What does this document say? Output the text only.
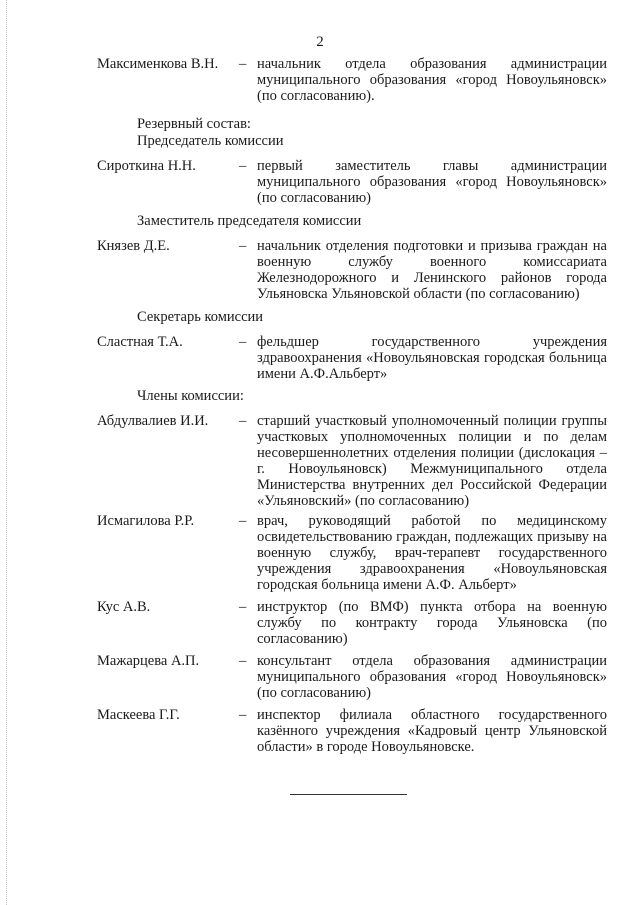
2
Максименкова В.Н. – начальник отдела образования администрации муниципального образования «город Новоульяновск» (по согласованию).
Резервный состав:
Председатель комиссии
Сироткина Н.Н.	– первый заместитель главы администрации муниципального образования «город Новоульяновск» (по согласованию)
Заместитель председателя комиссии
Князев Д.Е.	– начальник отделения подготовки и призыва граждан на военную службу военного комиссариата Железнодорожного и Ленинского районов города Ульяновска Ульяновской области (по согласованию)
Секретарь комиссии
Сластная Т.А.	– фельдшер государственного учреждения здравоохранения «Новоульяновская городская больница имени А.Ф.Альберт»
Члены комиссии:
Абдулвалиев И.И. – старший участковый уполномоченный полиции группы участковых уполномоченных полиции и по делам несовершеннолетних отделения полиции (дислокация – г. Новоульяновск) Межмуниципального отдела Министерства внутренних дел Российской Федерации «Ульяновский» (по согласованию)
Исмагилова Р.Р.	– врач, руководящий работой по медицинскому освидетельствованию граждан, подлежащих призыву на военную службу, врач-терапевт государственного учреждения здравоохранения «Новоульяновская городская больница имени А.Ф. Альберт»
Кус А.В.	– инструктор (по ВМФ) пункта отбора на военную службу по контракту города Ульяновска (по согласованию)
Мажарцева А.П.	– консультант отдела образования администрации муниципального образования «город Новоульяновск» (по согласованию)
Маскеева Г.Г.	– инспектор филиала областного государственного казённого учреждения «Кадровый центр Ульяновской области» в городе Новоульяновске.
